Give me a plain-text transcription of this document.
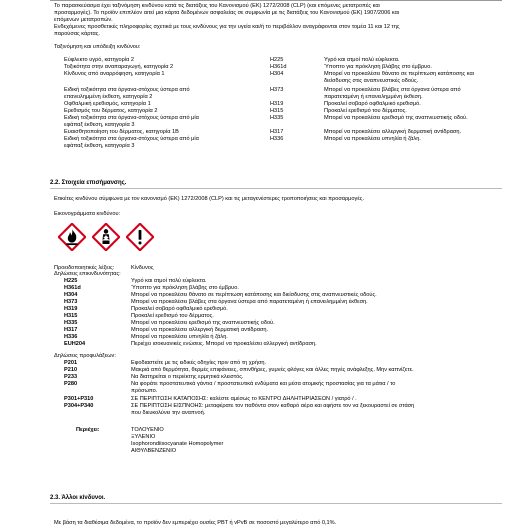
Το παρασκεύασμα έχει ταξινόμηση κινδύνου κατά τις διατάξεις του Κανονισμού (ΕΚ) 1272/2008 (CLP) (και επόμενες μετατροπές και
προσαρμογές). Το προϊόν επιπλέον αιτεί μια κάρτα δεδομένων ασφαλείας σε συμφωνία με τις διατάξεις του Κανονισμού (ΕΚ) 1907/2006 και
επόμενων μετατροπών.
Ενδεχόμενες προσθετικές πληροφορίες σχετικά με τους κινδύνους για την υγεία και/ή το περιβάλλον αναγράφονται στον τομέα 11 και 12 της
παρούσας κάρτας.
Ταξινόμηση και υπόδειξη κινδύνου:
Εύφλεκτο υγρό, κατηγορία 2	H225	Υγρό και ατμοί πολύ εύφλεκτα.
Τοξικότητα στην αναπαραγωγή, κατηγορία 2	H361d	Ύποπτο για πρόκληση βλάβης στο έμβρυο.
Κίνδυνος από αναρρόφηση, κατηγορία 1	H304	Μπορεί να προκαλέσει θάνατο σε περίπτωση κατάποσης και
διείσδυσης στις αναπνευστικές οδούς.
Ειδική τοξικότητα στα όργανα-στόχους ύστερα από
επανειλημμένη έκθεση, κατηγορία 2
H373	Μπορεί να προκαλέσει βλάβες στα όργανα ύστερα από
παρατεταμένη ή επανειλημμένη έκθεση.
Οφθαλμική ερεθισμός, κατηγορία 1	H319	Προκαλεί σοβαρό οφθαλμικό ερεθισμό.
Ερεθισμός του δέρματος, κατηγορία 2	H315	Προκαλεί ερεθισμό του δέρματος.
Ειδική τοξικότητα στα όργανα-στόχους ύστερα από μία
εφάπαξ έκθεση, κατηγορία 3
H335	Μπορεί να προκαλέσει ερεθισμό της αναπνευστικής οδού.
Ευαισθητοποίηση του δέρματος, κατηγορία 1B	H317	Μπορεί να προκαλέσει αλλεργική δερματική αντίδραση.
Ειδική τοξικότητα στα όργανα-στόχους ύστερα από μία
εφάπαξ έκθεση, κατηγορία 3
H336	Μπορεί να προκαλέσει υπνηλία ή ζάλη.
2.2. Στοιχεία επισήμανσης.
Ετικέτες κινδύνου σύμφωνα με τον κανονισμό (ΕΚ) 1272/2008 (CLP) και τις μεταγενέστερες τροποποιήσεις και προσαρμογές.
Εικονογράμματα κινδύνου:
Προειδοποιητικές λέξεις:	Κίνδυνος
Δηλώσεις επικινδυνότητας:
H225	Υγρό και ατμοί πολύ εύφλεκτα.
H361d	Ύποπτο για πρόκληση βλάβης στο έμβρυο.
H304	Μπορεί να προκαλέσει θάνατο σε περίπτωση κατάποσης και διείσδυσης στις αναπνευστικές οδούς.
H373	Μπορεί να προκαλέσει βλάβες στα όργανα ύστερα από παρατεταμένη ή επανειλημμένη έκθεση.
H319	Προκαλεί σοβαρό οφθαλμικό ερεθισμό.
H315	Προκαλεί ερεθισμό του δέρματος.
H335	Μπορεί να προκαλέσει ερεθισμό της αναπνευστικής οδού.
H317	Μπορεί να προκαλέσει αλλεργική δερματική αντίδραση.
H336	Μπορεί να προκαλέσει υπνηλία ή ζάλη.
EUH204	Περιέχει ισοκυανικές ενώσεις. Μπορεί να προκαλέσει αλλεργική αντίδραση.
Δηλώσεις προφυλάξεων:
P201	Εφοδιαστείτε με τις ειδικές οδηγίες πριν από τη χρήση.
P210	Μακριά από θερμότητα, θερμές επιφάνειες, σπινθήρες, γυμνές φλόγες και άλλες πηγές ανάφλεξης. Μην καπνίζετε.
P233	Να διατηρείται ο περιέκτης ερμητικά κλειστός.
P280	Να φοράτε προστατευτικά γάντια / προστατευτικά ενδύματα και μέσα ατομικής προστασίας για τα μάτια / το
πρόσωπο.
P301+P310	ΣΕ ΠΕΡΙΠΤΩΣΗ ΚΑΤΑΠΟΣΗΣ: καλέστε αμέσως το ΚΕΝΤΡΟ ΔΗΛΗΤΗΡΙΑΣΕΩΝ / γιατρό / .
P304+P340	ΣΕ ΠΕΡΙΠΤΩΣΗ ΕΙΣΠΝΟΗΣ: μεταφέρατε τον παθόντα στον καθαρό αέρα και αφήστε τον να ξεκουραστεί σε στάση
που διευκολύνει την αναπνοή.
Περιέχει:	ΤΟΛΟΥΕΝΙΟ
ΞΥΛΕΝΙΟ
Isophorondiisocyanate Homopolymer
ΑΙΘΥΛΒΕΝΖΕΝΙΟ
2.3. Άλλοι κίνδυνοι.
Με βάση τα διαθέσιμα δεδομένα, το προϊόν δεν εμπεριέχει ουσίες PBT ή vPvB σε ποσοστό μεγαλύτερο από 0,1%.
